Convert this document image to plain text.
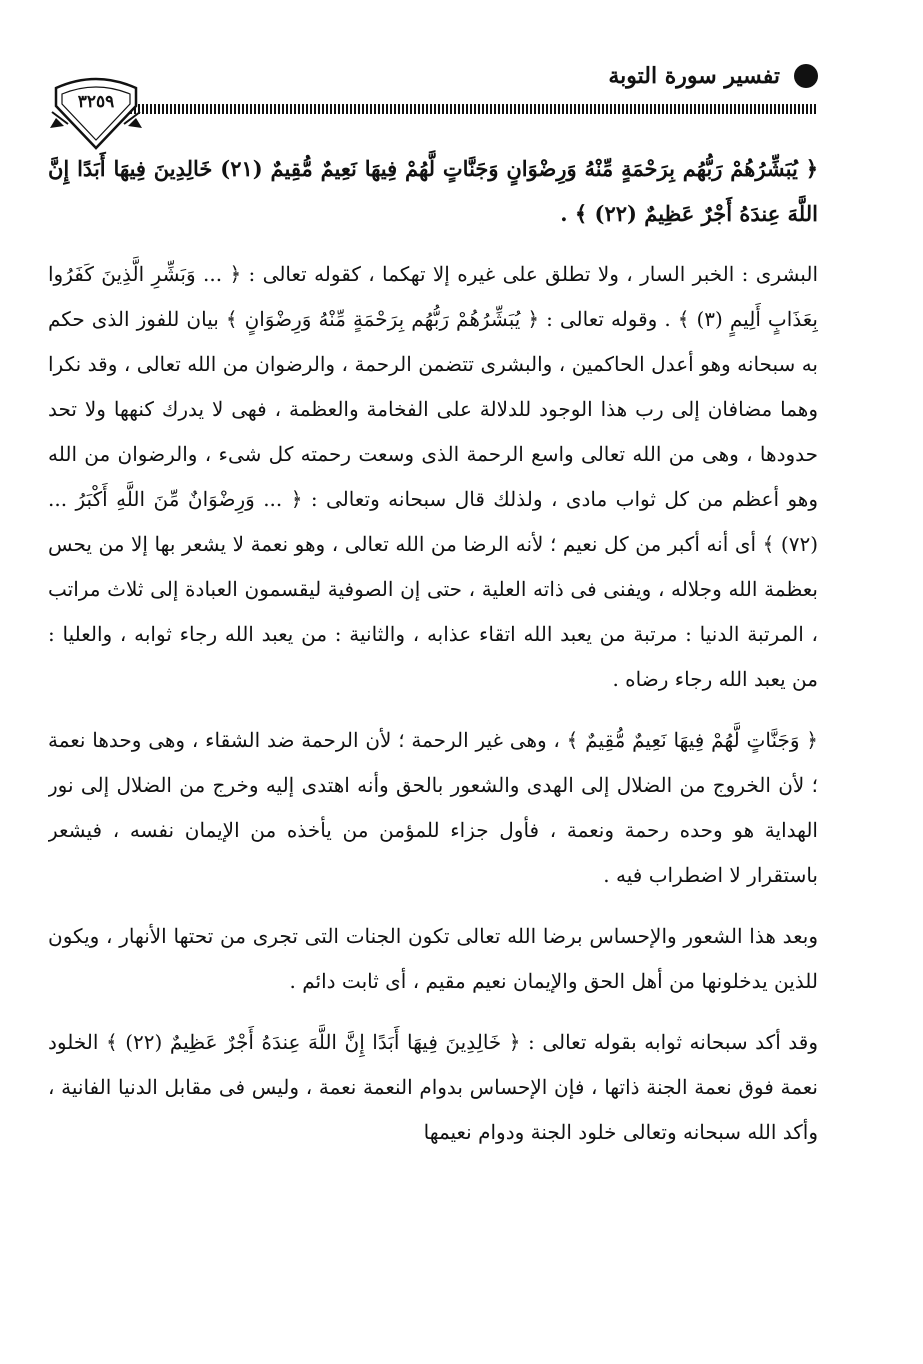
تفسير سورة التوبة
٣٢٥٩

﴿ يُبَشِّرُهُمْ رَبُّهُم بِرَحْمَةٍ مِّنْهُ وَرِضْوَانٍ وَجَنَّاتٍ لَّهُمْ فِيهَا نَعِيمٌ مُّقِيمٌ (٢١) خَالِدِينَ فِيهَا أَبَدًا إِنَّ اللَّهَ عِندَهُ أَجْرٌ عَظِيمٌ (٢٢) ﴾ .

البشرى : الخبر السار ، ولا تطلق على غيره إلا تهكما ، كقوله تعالى : ﴿ ... وَبَشِّرِ الَّذِينَ كَفَرُوا بِعَذَابٍ أَلِيمٍ (٣) ﴾ . وقوله تعالى : ﴿ يُبَشِّرُهُمْ رَبُّهُم بِرَحْمَةٍ مِّنْهُ وَرِضْوَانٍ ﴾ بيان للفوز الذى حكم به سبحانه وهو أعدل الحاكمين ، والبشرى تتضمن الرحمة ، والرضوان من الله تعالى ، وقد نكرا وهما مضافان إلى رب هذا الوجود للدلالة على الفخامة والعظمة ، فهى لا يدرك كنهها ولا تحد حدودها ، وهى من الله تعالى واسع الرحمة الذى وسعت رحمته كل شىء ، والرضوان من الله وهو أعظم من كل ثواب مادى ، ولذلك قال سبحانه وتعالى : ﴿ ... وَرِضْوَانٌ مِّنَ اللَّهِ أَكْبَرُ ... (٧٢) ﴾ أى أنه أكبر من كل نعيم ؛ لأنه الرضا من الله تعالى ، وهو نعمة لا يشعر بها إلا من يحس بعظمة الله وجلاله ، ويفنى فى ذاته العلية ، حتى إن الصوفية ليقسمون العبادة إلى ثلاث مراتب ، المرتبة الدنيا : مرتبة من يعبد الله اتقاء عذابه ، والثانية : من يعبد الله رجاء ثوابه ، والعليا : من يعبد الله رجاء رضاه .

﴿ وَجَنَّاتٍ لَّهُمْ فِيهَا نَعِيمٌ مُّقِيمٌ ﴾ ، وهى غير الرحمة ؛ لأن الرحمة ضد الشقاء ، وهى وحدها نعمة ؛ لأن الخروج من الضلال إلى الهدى والشعور بالحق وأنه اهتدى إليه وخرج من الضلال إلى نور الهداية هو وحده رحمة ونعمة ، فأول جزاء للمؤمن من يأخذه من الإيمان نفسه ، فيشعر باستقرار لا اضطراب فيه .

وبعد هذا الشعور والإحساس برضا الله تعالى تكون الجنات التى تجرى من تحتها الأنهار ، ويكون للذين يدخلونها من أهل الحق والإيمان نعيم مقيم ، أى ثابت دائم .

وقد أكد سبحانه ثوابه بقوله تعالى : ﴿ خَالِدِينَ فِيهَا أَبَدًا إِنَّ اللَّهَ عِندَهُ أَجْرٌ عَظِيمٌ (٢٢) ﴾ الخلود نعمة فوق نعمة الجنة ذاتها ، فإن الإحساس بدوام النعمة نعمة ، وليس فى مقابل الدنيا الفانية ، وأكد الله سبحانه وتعالى خلود الجنة ودوام نعيمها
